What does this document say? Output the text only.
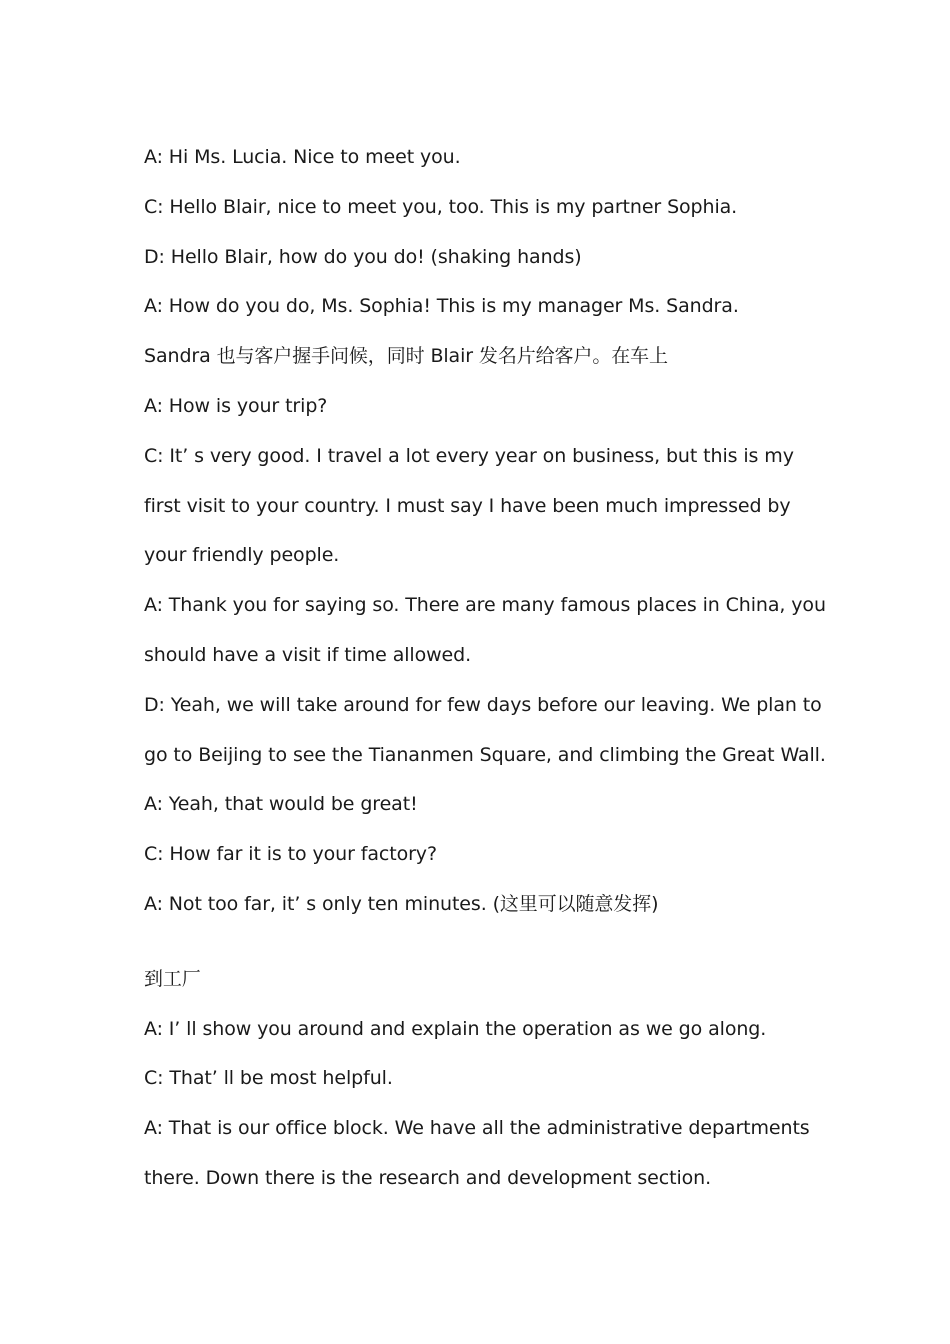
A: Hi Ms. Lucia. Nice to meet you.
C: Hello Blair, nice to meet you, too. This is my partner Sophia.
D: Hello Blair, how do you do! (shaking hands)
A: How do you do, Ms. Sophia! This is my manager Ms. Sandra.
Sandra 也与客户握手问候，同时 Blair 发名片给客户。在车上
A: How is your trip?
C: It’ s very good. I travel a lot every year on business, but this is my
first visit to your country. I must say I have been much impressed by
your friendly people.
A: Thank you for saying so. There are many famous places in China, you
should have a visit if time allowed.
D: Yeah, we will take around for few days before our leaving. We plan to
go to Beijing to see the Tiananmen Square, and climbing the Great Wall.
A: Yeah, that would be great!
C: How far it is to your factory?
A: Not too far, it’ s only ten minutes. (这里可以随意发挥)
到工厂
A: I’ ll show you around and explain the operation as we go along.
C: That’ ll be most helpful.
A: That is our office block. We have all the administrative departments
there. Down there is the research and development section.
